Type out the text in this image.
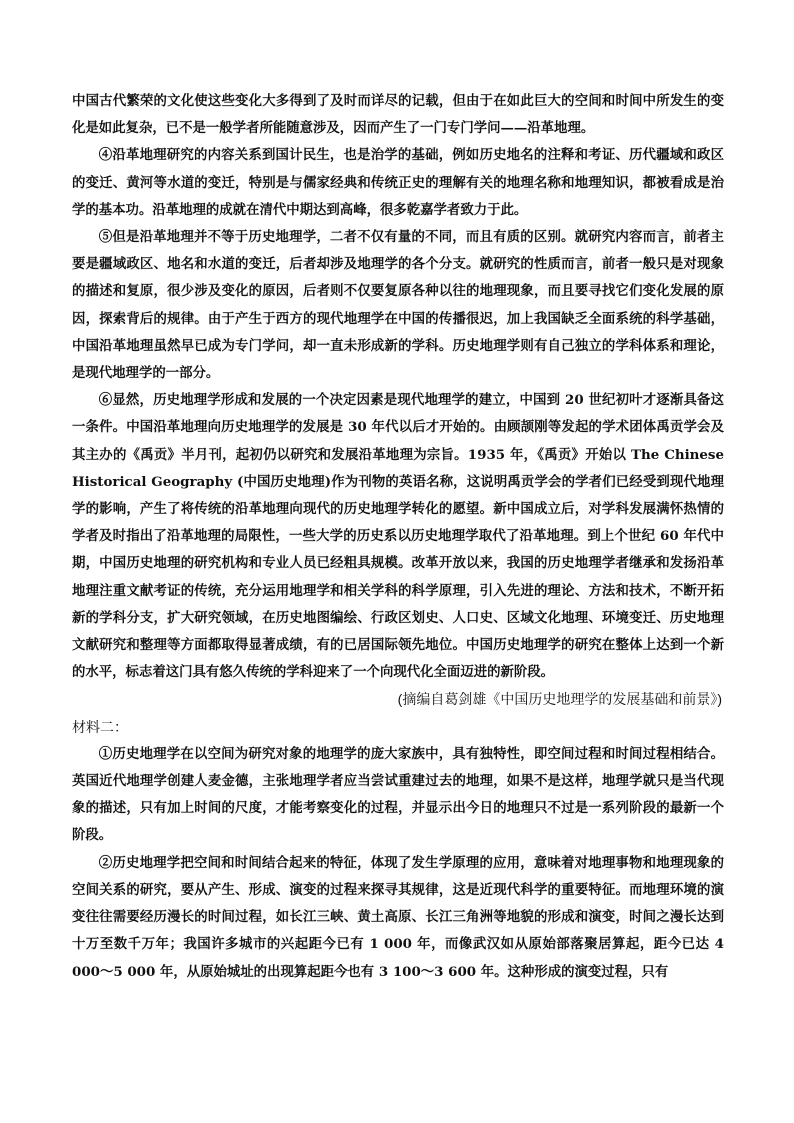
中国古代繁荣的文化使这些变化大多得到了及时而详尽的记载，但由于在如此巨大的空间和时间中所发生的变化是如此复杂，已不是一般学者所能随意涉及，因而产生了一门专门学问——沿革地理。

④沿革地理研究的内容关系到国计民生，也是治学的基础，例如历史地名的注释和考证、历代疆域和政区的变迁、黄河等水道的变迁，特别是与儒家经典和传统正史的理解有关的地理名称和地理知识，都被看成是治学的基本功。沿革地理的成就在清代中期达到高峰，很多乾嘉学者致力于此。

⑤但是沿革地理并不等于历史地理学，二者不仅有量的不同，而且有质的区别。就研究内容而言，前者主要是疆域政区、地名和水道的变迁，后者却涉及地理学的各个分支。就研究的性质而言，前者一般只是对现象的描述和复原，很少涉及变化的原因，后者则不仅要复原各种以往的地理现象，而且要寻找它们变化发展的原因，探索背后的规律。由于产生于西方的现代地理学在中国的传播很迟，加上我国缺乏全面系统的科学基础，中国沿革地理虽然早已成为专门学问，却一直未形成新的学科。历史地理学则有自己独立的学科体系和理论，是现代地理学的一部分。

⑥显然，历史地理学形成和发展的一个决定因素是现代地理学的建立，中国到 20 世纪初叶才逐渐具备这一条件。中国沿革地理向历史地理学的发展是 30 年代以后才开始的。由顾颉刚等发起的学术团体禹贡学会及其主办的《禹贡》半月刊，起初仍以研究和发展沿革地理为宗旨。1935 年，《禹贡》开始以 The Chinese Historical Geography (中国历史地理)作为刊物的英语名称，这说明禹贡学会的学者们已经受到现代地理学的影响，产生了将传统的沿革地理向现代的历史地理学转化的愿望。新中国成立后，对学科发展满怀热情的学者及时指出了沿革地理的局限性，一些大学的历史系以历史地理学取代了沿革地理。到上个世纪 60 年代中期，中国历史地理的研究机构和专业人员已经粗具规模。改革开放以来，我国的历史地理学者继承和发扬沿革地理注重文献考证的传统，充分运用地理学和相关学科的科学原理，引入先进的理论、方法和技术，不断开拓新的学科分支，扩大研究领域，在历史地图编绘、行政区划史、人口史、区域文化地理、环境变迁、历史地理文献研究和整理等方面都取得显著成绩，有的已居国际领先地位。中国历史地理学的研究在整体上达到一个新的水平，标志着这门具有悠久传统的学科迎来了一个向现代化全面迈进的新阶段。

(摘编自葛剑雄《中国历史地理学的发展基础和前景》)

材料二：

①历史地理学在以空间为研究对象的地理学的庞大家族中，具有独特性，即空间过程和时间过程相结合。英国近代地理学创建人麦金德，主张地理学者应当尝试重建过去的地理，如果不是这样，地理学就只是当代现象的描述，只有加上时间的尺度，才能考察变化的过程，并显示出今日的地理只不过是一系列阶段的最新一个阶段。

②历史地理学把空间和时间结合起来的特征，体现了发生学原理的应用，意味着对地理事物和地理现象的空间关系的研究，要从产生、形成、演变的过程来探寻其规律，这是近现代科学的重要特征。而地理环境的演变往往需要经历漫长的时间过程，如长江三峡、黄土高原、长江三角洲等地貌的形成和演变，时间之漫长达到十万至数千万年；我国许多城市的兴起距今已有 1 000 年，而像武汉如从原始部落聚居算起，距今已达 4 000～5 000 年，从原始城址的出现算起距今也有 3 100～3 600 年。这种形成的演变过程，只有
